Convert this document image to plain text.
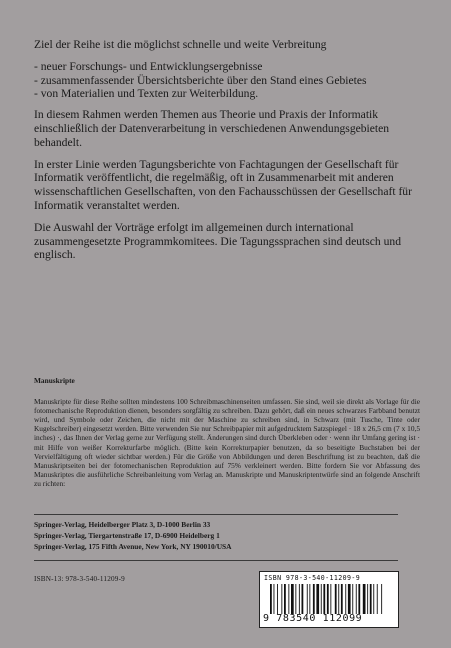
Ziel der Reihe ist die möglichst schnelle und weite Verbreitung

- neuer Forschungs- und Entwicklungsergebnisse
- zusammenfassender Übersichtsberichte über den Stand eines Gebietes
- von Materialien und Texten zur Weiterbildung.

In diesem Rahmen werden Themen aus Theorie und Praxis der Informatik einschließlich der Datenverarbeitung in verschiedenen Anwendungsgebieten behandelt.

In erster Linie werden Tagungsberichte von Fachtagungen der Gesellschaft für Informatik veröffentlicht, die regelmäßig, oft in Zusammenarbeit mit anderen wissenschaftlichen Gesellschaften, von den Fachausschüssen der Gesellschaft für Informatik veranstaltet werden.

Die Auswahl der Vorträge erfolgt im allgemeinen durch international zusammengesetzte Programmkomitees. Die Tagungssprachen sind deutsch und englisch.

Manuskripte

Manuskripte für diese Reihe sollten mindestens 100 Schreibmaschinenseiten umfassen. Sie sind, weil sie direkt als Vorlage für die fotomechanische Reproduktion dienen, besonders sorgfältig zu schreiben. Dazu gehört, daß ein neues schwarzes Farbband benutzt wird, und Symbole oder Zeichen, die nicht mit der Maschine zu schreiben sind, in Schwarz (mit Tusche, Tinte oder Kugelschreiber) eingesetzt werden. Bitte verwenden Sie nur Schreibpapier mit aufgedrucktem Satzspiegel · 18 x 26,5 cm (7 x 10,5 inches) ·, das Ihnen der Verlag gerne zur Verfügung stellt. Änderungen sind durch Überkleben oder · wenn ihr Umfang gering ist · mit Hilfe von weißer Korrekturfarbe möglich. (Bitte kein Korrekturpapier benutzen, da so beseitigte Buchstaben bei der Vervielfältigung oft wieder sichtbar werden.) Für die Größe von Abbildungen und deren Beschriftung ist zu beachten, daß die Manuskriptseiten bei der fotomechanischen Reproduktion auf 75% verkleinert werden. Bitte fordern Sie vor Abfassung des Manuskriptes die ausführliche Schreibanleitung vom Verlag an. Manuskripte und Manuskriptentwürfe sind an folgende Anschrift zu richten:

Springer-Verlag, Heidelberger Platz 3, D-1000 Berlin 33
Springer-Verlag, Tiergartenstraße 17, D-6900 Heidelberg 1
Springer-Verlag, 175 Fifth Avenue, New York, NY 190010/USA
ISBN-13: 978-3-540-11209-9	ISBN 978-3-540-11209-9
9 783540 112099
